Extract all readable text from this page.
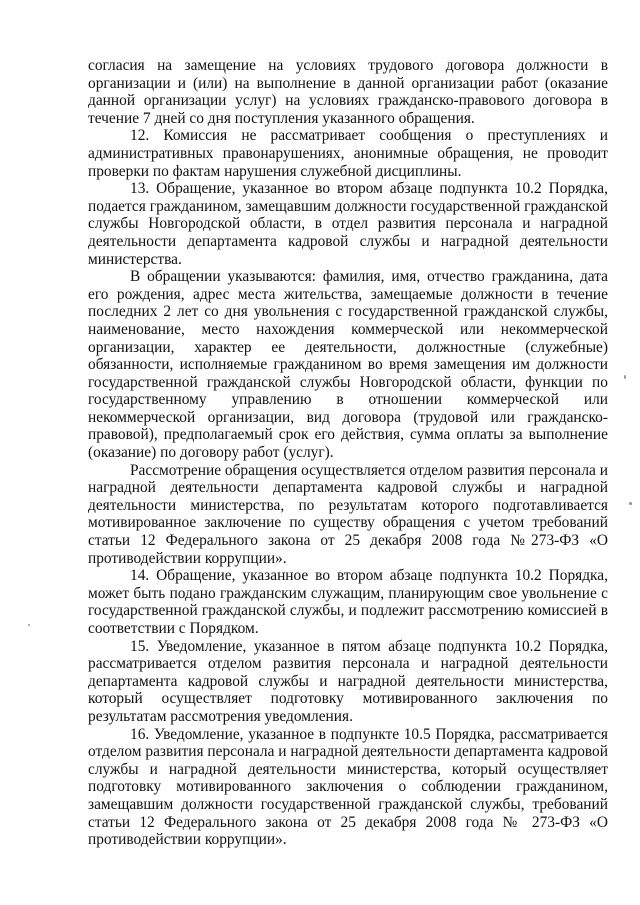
согласия на замещение на условиях трудового договора должности в организации и (или) на выполнение в данной организации работ (оказание данной организации услуг) на условиях гражданско-правового договора в течение 7 дней со дня поступления указанного обращения.

12. Комиссия не рассматривает сообщения о преступлениях и административных правонарушениях, анонимные обращения, не проводит проверки по фактам нарушения служебной дисциплины.

13. Обращение, указанное во втором абзаце подпункта 10.2 Порядка, подается гражданином, замещавшим должности государственной гражданской службы Новгородской области, в отдел развития персонала и наградной деятельности департамента кадровой службы и наградной деятельности министерства.

В обращении указываются: фамилия, имя, отчество гражданина, дата его рождения, адрес места жительства, замещаемые должности в течение последних 2 лет со дня увольнения с государственной гражданской службы, наименование, место нахождения коммерческой или некоммерческой организации, характер ее деятельности, должностные (служебные) обязанности, исполняемые гражданином во время замещения им должности государственной гражданской службы Новгородской области, функции по государственному управлению в отношении коммерческой или некоммерческой организации, вид договора (трудовой или гражданско-правовой), предполагаемый срок его действия, сумма оплаты за выполнение (оказание) по договору работ (услуг).

Рассмотрение обращения осуществляется отделом развития персонала и наградной деятельности департамента кадровой службы и наградной деятельности министерства, по результатам которого подготавливается мотивированное заключение по существу обращения с учетом требований статьи 12 Федерального закона от 25 декабря 2008 года №273-ФЗ «О противодействии коррупции».

14. Обращение, указанное во втором абзаце подпункта 10.2 Порядка, может быть подано гражданским служащим, планирующим свое увольнение с государственной гражданской службы, и подлежит рассмотрению комиссией в соответствии с Порядком.

15. Уведомление, указанное в пятом абзаце подпункта 10.2 Порядка, рассматривается отделом развития персонала и наградной деятельности департамента кадровой службы и наградной деятельности министерства, который осуществляет подготовку мотивированного заключения по результатам рассмотрения уведомления.

16. Уведомление, указанное в подпункте 10.5 Порядка, рассматривается отделом развития персонала и наградной деятельности департамента кадровой службы и наградной деятельности министерства, который осуществляет подготовку мотивированного заключения о соблюдении гражданином, замещавшим должности государственной гражданской службы, требований статьи 12 Федерального закона от 25 декабря 2008 года № 273-ФЗ «О противодействии коррупции».
